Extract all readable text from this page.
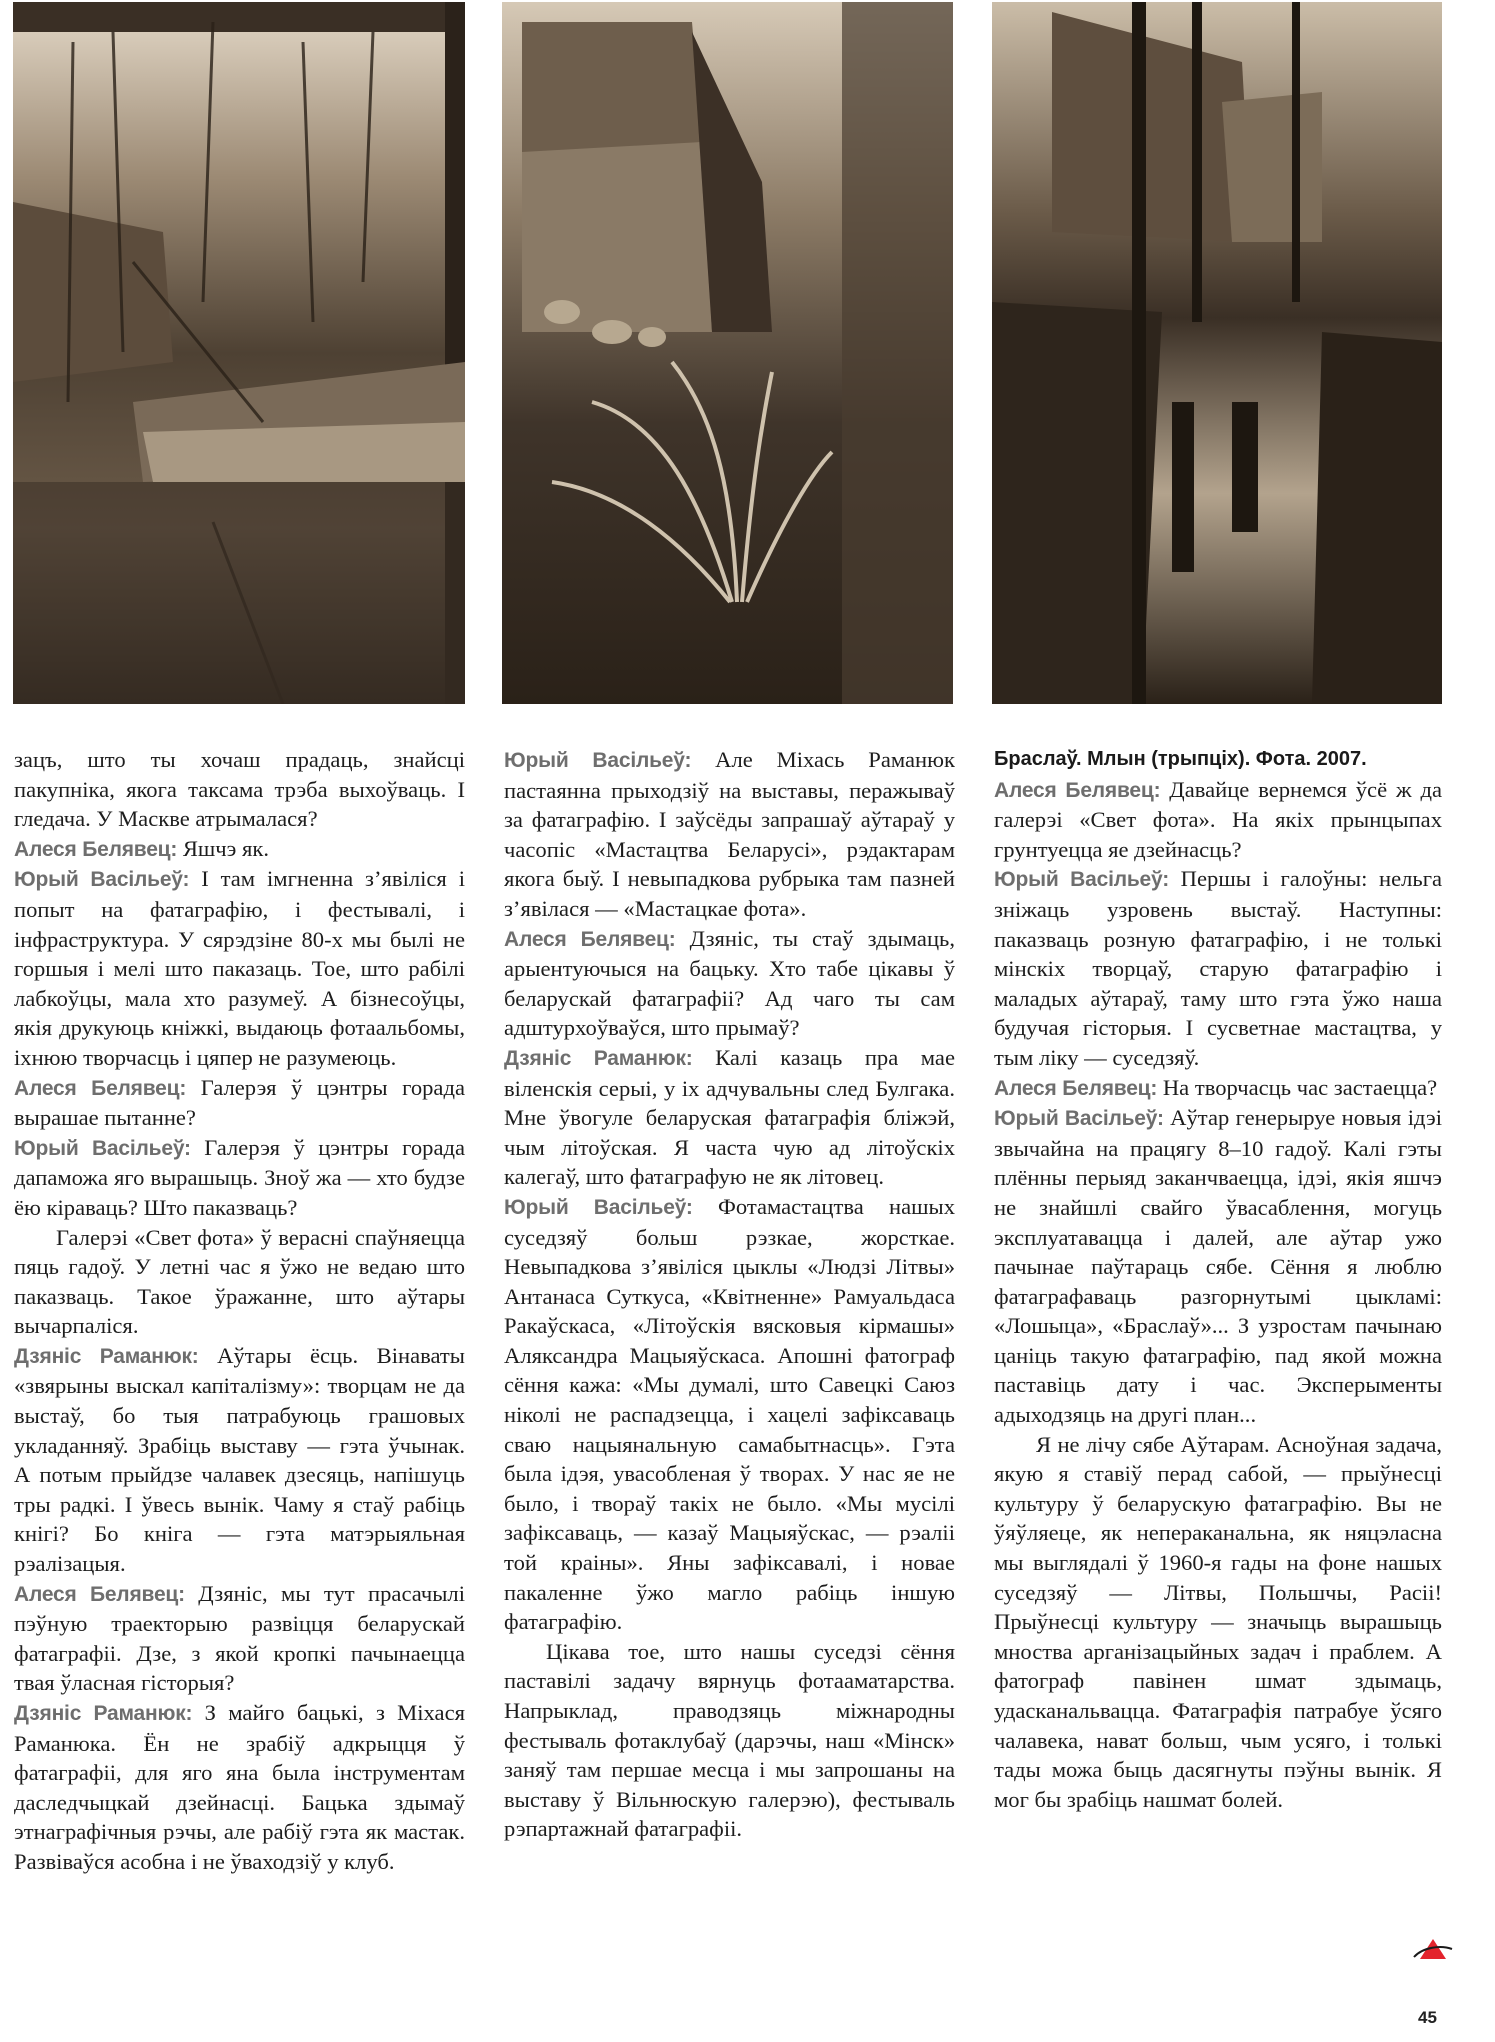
зацъ, што ты хочаш прадаць, знайсці пакупніка, якога таксама трэба выхоўваць. І гледача. У Маскве атрымалася?

Алеся Белявец: Яшчэ як.

Юрый Васільеў: І там імгненна з’явіліся і попыт на фатаграфію, і фестывалі, і інфраструктура. У сярэдзіне 80-х мы былі не горшыя і мелі што паказаць. Тое, што рабілі лабкоўцы, мала хто разумеў. А бізнесоўцы, якія друкуюць кніжкі, выдаюць фотаальбомы, іхнюю творчасць і цяпер не разумеюць.

Алеся Белявец: Галерэя ў цэнтры горада вырашае пытанне?

Юрый Васільеў: Галерэя ў цэнтры горада дапаможа яго вырашыць. Зноў жа — хто будзе ёю кіраваць? Што паказваць?

Галерэі «Свет фота» ў верасні спаўняецца пяць гадоў. У летні час я ўжо не ведаю што паказваць. Такое ўражанне, што аўтары вычарпаліся.

Дзяніс Раманюк: Аўтары ёсць. Вінаваты «звярыны выскал капіталізму»: творцам не да выстаў, бо тыя патрабуюць грашовых укладанняў. Зрабіць выставу — гэта ўчынак. А потым прыйдзе чалавек дзесяць, напішуць тры радкі. І ўвесь вынік. Чаму я стаў рабіць кнігі? Бо кніга — гэта матэрыяльная рэалізацыя.

Алеся Белявец: Дзяніс, мы тут прасачылі пэўную траекторыю развіцця беларускай фатаграфіі. Дзе, з якой кропкі пачынаецца твая ўласная гісторыя?

Дзяніс Раманюк: З майго бацькі, з Міхася Раманюка. Ён не зрабіў адкрыцця ў фатаграфіі, для яго яна была інструментам даследчыцкай дзейнасці. Бацька здымаў этнаграфічныя рэчы, але рабіў гэта як мастак. Развіваўся асобна і не ўваходзіў у клуб.

Юрый Васільеў: Але Міхась Раманюк пастаянна прыходзіў на выставы, перажываў за фатаграфію. І заўсёды запрашаў аўтараў у часопіс «Мастацтва Беларусі», рэдактарам якога быў. І невыпадкова рубрыка там пазней з’явілася — «Мастацкае фота».

Алеся Белявец: Дзяніс, ты стаў здымаць, арыентуючыся на бацьку. Хто табе цікавы ў беларускай фатаграфіі? Ад чаго ты сам адштурхоўваўся, што прымаў?

Дзяніс Раманюк: Калі казаць пра мае віленскія серыі, у іх адчувальны след Булгака. Мне ўвогуле беларуская фатаграфія бліжэй, чым літоўская. Я часта чую ад літоўскіх калегаў, што фатаграфую не як літовец.

Юрый Васільеў: Фотамастацтва нашых суседзяў больш рэзкае, жорсткае. Невыпадкова з’явіліся цыклы «Людзі Літвы» Антанаса Суткуса, «Квітненне» Рамуальдаса Ракаўскаса, «Літоўскія вясковыя кірмашы» Аляксандра Мацыяўскаса. Апошні фатограф сёння кажа: «Мы думалі, што Савецкі Саюз ніколі не распадзецца, і хацелі зафіксаваць сваю нацыянальную самабытнасць». Гэта была ідэя, увасобленая ў творах. У нас яе не было, і твораў такіх не было. «Мы мусілі зафіксаваць, — казаў Мацыяўскас, — рэаліі той краіны». Яны зафіксавалі, і новае пакаленне ўжо магло рабіць іншую фатаграфію.

Цікава тое, што нашы суседзі сёння паставілі задачу вярнуць фотааматарства. Напрыклад, праводзяць міжнародны фестываль фотаклубаў (дарэчы, наш «Мінск» заняў там першае месца і мы запрошаны на выставу ў Вільнюскую галерэю), фестываль рэпартажнай фатаграфіі.

Браслаў. Млын (трыпціх). Фота. 2007.

Алеся Белявец: Давайце вернемся ўсё ж да галерэі «Свет фота». На якіх прынцыпах грунтуецца яе дзейнасць?

Юрый Васільеў: Першы і галоўны: нельга зніжаць узровень выстаў. Наступны: паказваць розную фатаграфію, і не толькі мінскіх творцаў, старую фатаграфію і маладых аўтараў, таму што гэта ўжо наша будучая гісторыя. І сусветнае мастацтва, у тым ліку — суседзяў.

Алеся Белявец: На творчасць час застаецца?

Юрый Васільеў: Аўтар генерыруе новыя ідэі звычайна на працягу 8–10 гадоў. Калі гэты плённы перыяд заканчваецца, ідэі, якія яшчэ не знайшлі свайго ўвасаблення, могуць эксплуатавацца і далей, але аўтар ужо пачынае паўтараць сябе. Сёння я люблю фатаграфаваць разгорнутымі цыкламі: «Лошыца», «Браслаў»... З узростам пачынаю цаніць такую фатаграфію, пад якой можна паставіць дату і час. Эксперыменты адыходзяць на другі план...

Я не лічу сябе Аўтарам. Асноўная задача, якую я ставіў перад сабой, — прыўнесці культуру ў беларускую фатаграфію. Вы не ўяўляеце, як непераканальна, як няцэласна мы выглядалі ў 1960-я гады на фоне нашых суседзяў — Літвы, Польшчы, Расіі! Прыўнесці культуру — значыць вырашыць мноства арганізацыйных задач і праблем. А фатограф павінен шмат здымаць, удасканальвацца. Фатаграфія патрабуе ўсяго чалавека, нават больш, чым усяго, і толькі тады можа быць дасягнуты пэўны вынік. Я мог бы зрабіць нашмат болей.

45
